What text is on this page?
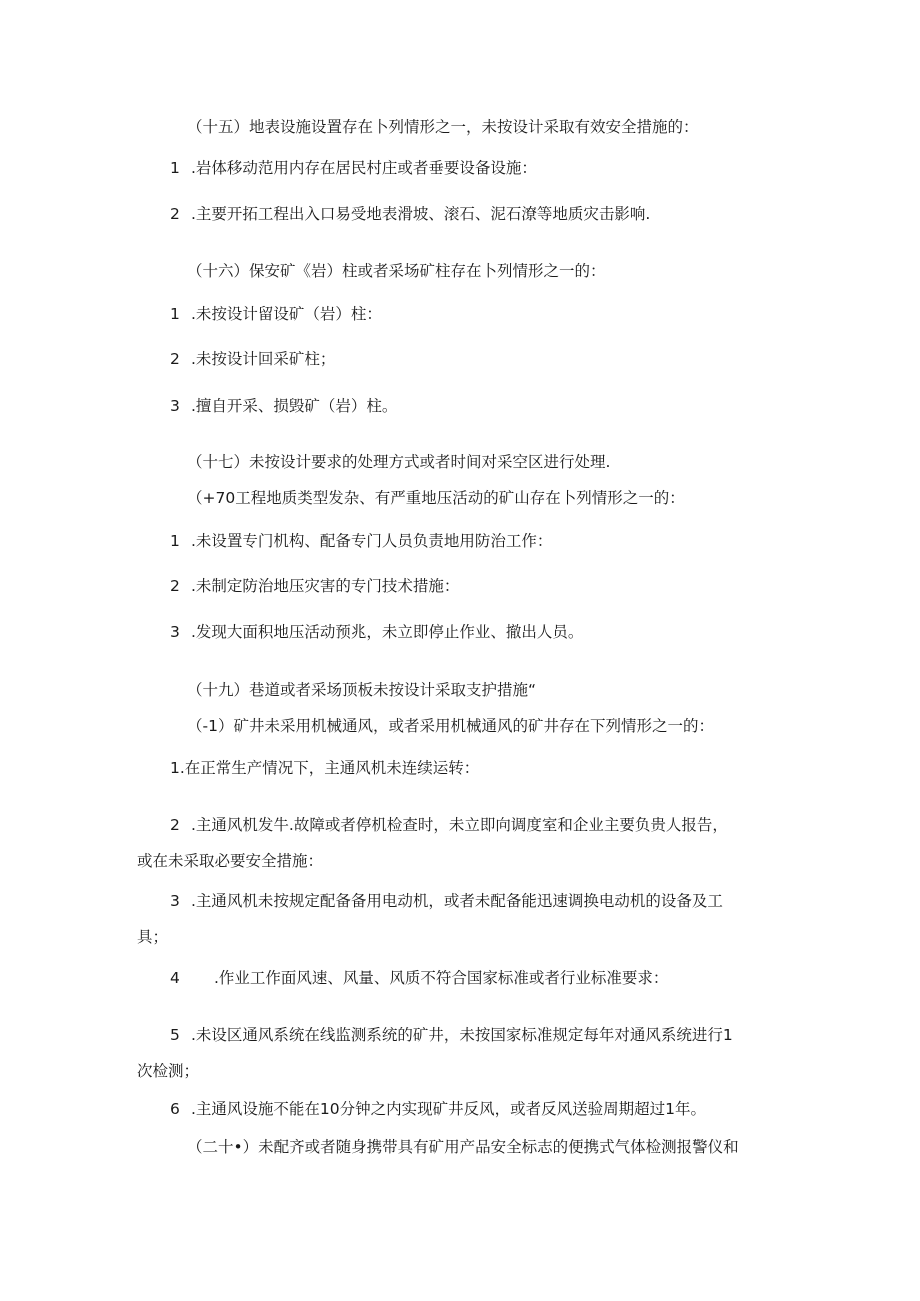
（十五）地表设施设置存在卜列情形之一，未按设计采取有效安全措施的：
1 .岩体移动范用内存在居民村庄或者垂要设备设施：
2 .主要开拓工程出入口易受地表滑坡、滚石、泥石潦等地质灾击影响.
（十六）保安矿《岩）柱或者采场矿柱存在卜列情形之一的：
1 .未按设计留设矿（岩）柱：
2 .未按设计回采矿柱；
3 .擅自开采、损毁矿（岩）柱。
（十七）未按设计要求的处理方式或者时间对采空区进行处理.
（+70工程地质类型发杂、有严重地压活动的矿山存在卜列情形之一的：
1 .未设置专门机构、配备专门人员负责地用防治工作：
2 .未制定防治地压灾害的专门技术措施：
3 .发现大面积地压活动预兆，未立即停止作业、撤出人员。
（十九）巷道或者采场顶板未按设计采取支护措施“
（-1）矿井未采用机械通风，或者采用机械通风的矿井存在下列情形之一的：
1.在正常生产情况下，主通风机未连续运转：
2 .主通风机发牛.故障或者停机检查时，未立即向调度室和企业主要负贵人报告，
或在未采取必要安全措施：
3 .主通风机未按规定配备备用电动机，或者未配备能迅速调换电动机的设备及工
具；
4 .作业工作面风速、风量、风质不符合国家标准或者行业标准要求：
5 .未设区通风系统在线监测系统的矿井，未按国家标准规定每年对通风系统进行1
次检测；
6 .主通风设施不能在10分钟之内实现矿井反风，或者反风送验周期超过1年。
（二十•）未配齐或者随身携带具有矿用产品安全标志的便携式气体检测报警仪和
